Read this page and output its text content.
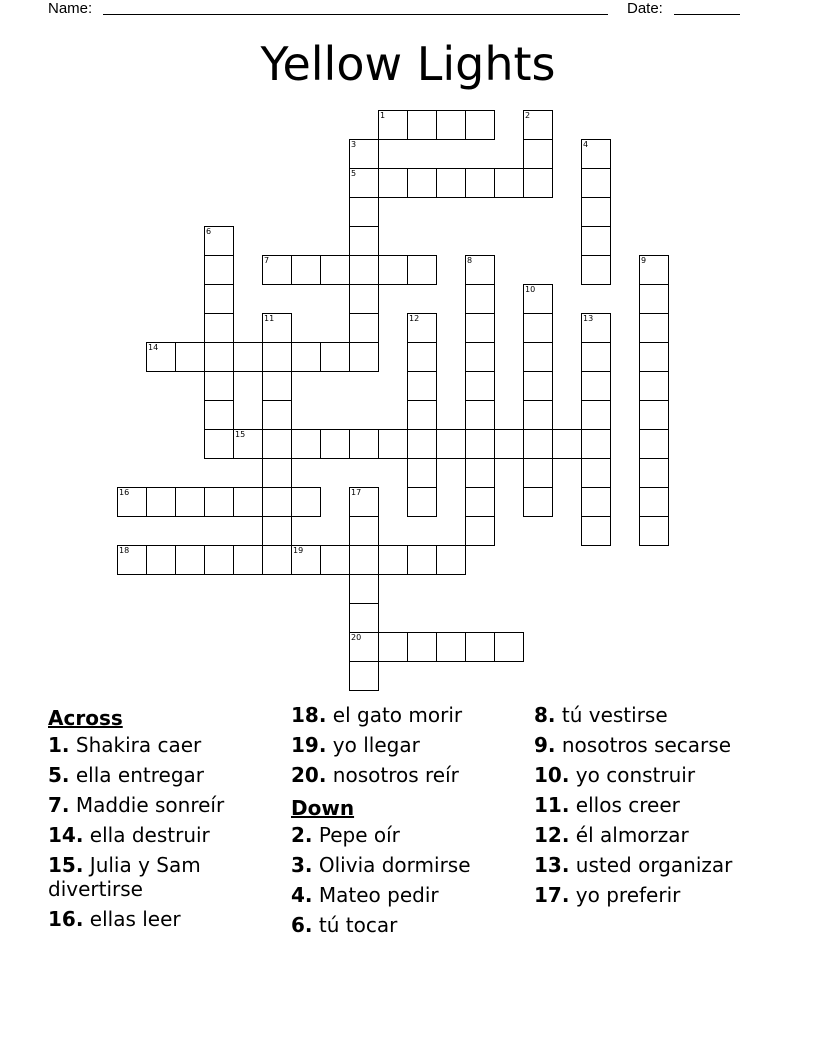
Name:	Date:
Yellow Lights
1	2
3
5
4
6
7	8	9
10
11	12	13
14
15
16	17
20
18	19
Across
1. Shakira caer
5. ella entregar
7. Maddie sonreír
14. ella destruir
15. Julia y Sam divertirse
16. ellas leer
18. el gato morir
19. yo llegar
20. nosotros reír
Down
2. Pepe oír
3. Olivia dormirse
4. Mateo pedir
6. tú tocar
8. tú vestirse
9. nosotros secarse
10. yo construir
11. ellos creer
12. él almorzar
13. usted organizar
17. yo preferir
